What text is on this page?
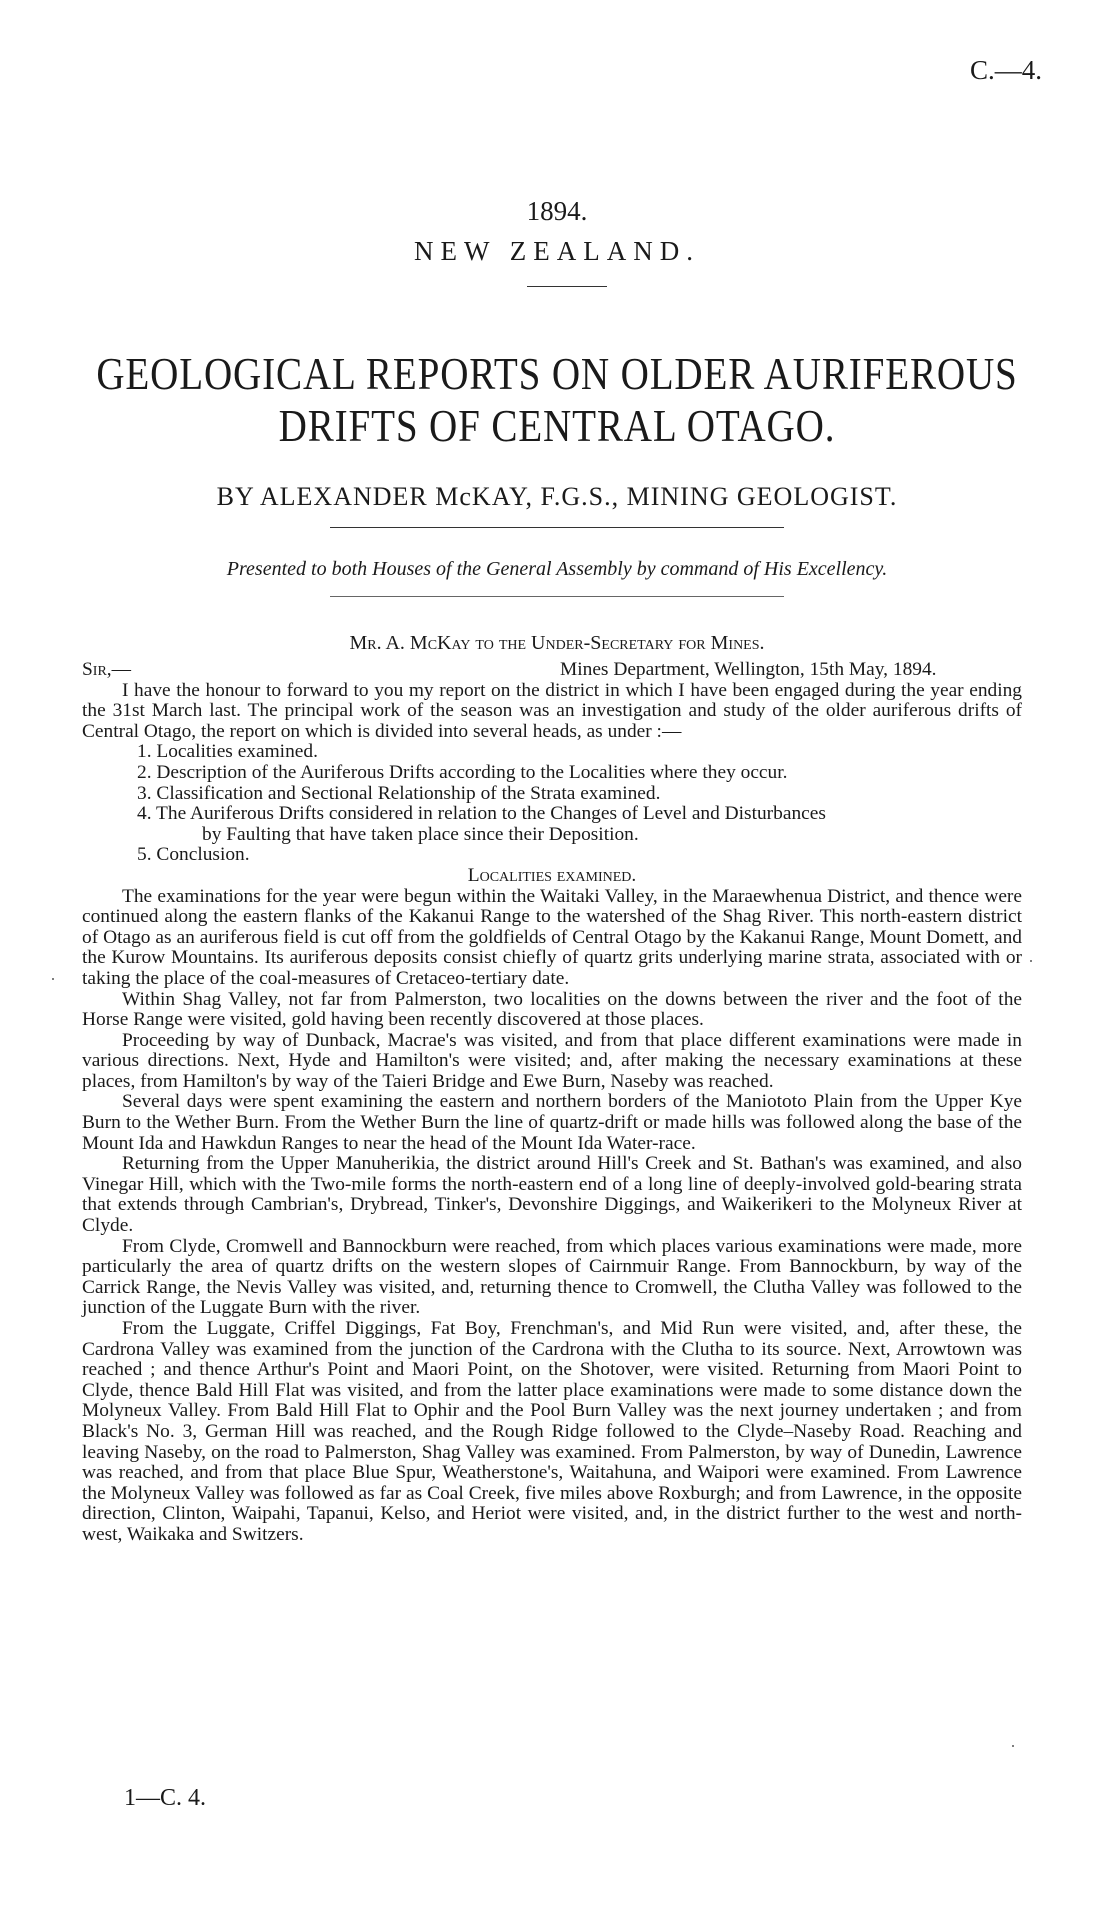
C.—4.
1894.
NEW ZEALAND.
GEOLOGICAL REPORTS ON OLDER AURIFEROUS
DRIFTS OF CENTRAL OTAGO.
BY ALEXANDER McKAY, F.G.S., MINING GEOLOGIST.
Presented to both Houses of the General Assembly by command of His Excellency.
Mr. A. McKay to the Under-Secretary for Mines.
Sir,—	Mines Department, Wellington, 15th May, 1894.

I have the honour to forward to you my report on the district in which I have been engaged during the year ending the 31st March last. The principal work of the season was an investigation and study of the older auriferous drifts of Central Otago, the report on which is divided into several heads, as under :—

1. Localities examined.

2. Description of the Auriferous Drifts according to the Localities where they occur.

3. Classification and Sectional Relationship of the Strata examined.

4. The Auriferous Drifts considered in relation to the Changes of Level and Disturbances
by Faulting that have taken place since their Deposition.

5. Conclusion.

Localities examined.

The examinations for the year were begun within the Waitaki Valley, in the Maraewhenua District, and thence were continued along the eastern flanks of the Kakanui Range to the watershed of the Shag River. This north-eastern district of Otago as an auriferous field is cut off from the goldfields of Central Otago by the Kakanui Range, Mount Domett, and the Kurow Mountains. Its auriferous deposits consist chiefly of quartz grits underlying marine strata, associated with or taking the place of the coal-measures of Cretaceo-tertiary date.

Within Shag Valley, not far from Palmerston, two localities on the downs between the river and the foot of the Horse Range were visited, gold having been recently discovered at those places.

Proceeding by way of Dunback, Macrae's was visited, and from that place different examinations were made in various directions. Next, Hyde and Hamilton's were visited; and, after making the necessary examinations at these places, from Hamilton's by way of the Taieri Bridge and Ewe Burn, Naseby was reached.

Several days were spent examining the eastern and northern borders of the Maniototo Plain from the Upper Kye Burn to the Wether Burn. From the Wether Burn the line of quartz-drift or made hills was followed along the base of the Mount Ida and Hawkdun Ranges to near the head of the Mount Ida Water-race.

Returning from the Upper Manuherikia, the district around Hill's Creek and St. Bathan's was examined, and also Vinegar Hill, which with the Two-mile forms the north-eastern end of a long line of deeply-involved gold-bearing strata that extends through Cambrian's, Drybread, Tinker's, Devonshire Diggings, and Waikerikeri to the Molyneux River at Clyde.

From Clyde, Cromwell and Bannockburn were reached, from which places various examinations were made, more particularly the area of quartz drifts on the western slopes of Cairnmuir Range. From Bannockburn, by way of the Carrick Range, the Nevis Valley was visited, and, returning thence to Cromwell, the Clutha Valley was followed to the junction of the Luggate Burn with the river.

From the Luggate, Criffel Diggings, Fat Boy, Frenchman's, and Mid Run were visited, and, after these, the Cardrona Valley was examined from the junction of the Cardrona with the Clutha to its source. Next, Arrowtown was reached ; and thence Arthur's Point and Maori Point, on the Shotover, were visited. Returning from Maori Point to Clyde, thence Bald Hill Flat was visited, and from the latter place examinations were made to some distance down the Molyneux Valley. From Bald Hill Flat to Ophir and the Pool Burn Valley was the next journey undertaken ; and from Black's No. 3, German Hill was reached, and the Rough Ridge followed to the Clyde–Naseby Road. Reaching and leaving Naseby, on the road to Palmerston, Shag Valley was examined. From Palmerston, by way of Dunedin, Lawrence was reached, and from that place Blue Spur, Weatherstone's, Waitahuna, and Waipori were examined. From Lawrence the Molyneux Valley was followed as far as Coal Creek, five miles above Roxburgh; and from Lawrence, in the opposite direction, Clinton, Waipahi, Tapanui, Kelso, and Heriot were visited, and, in the district further to the west and north-west, Waikaka and Switzers.

1—C. 4.
